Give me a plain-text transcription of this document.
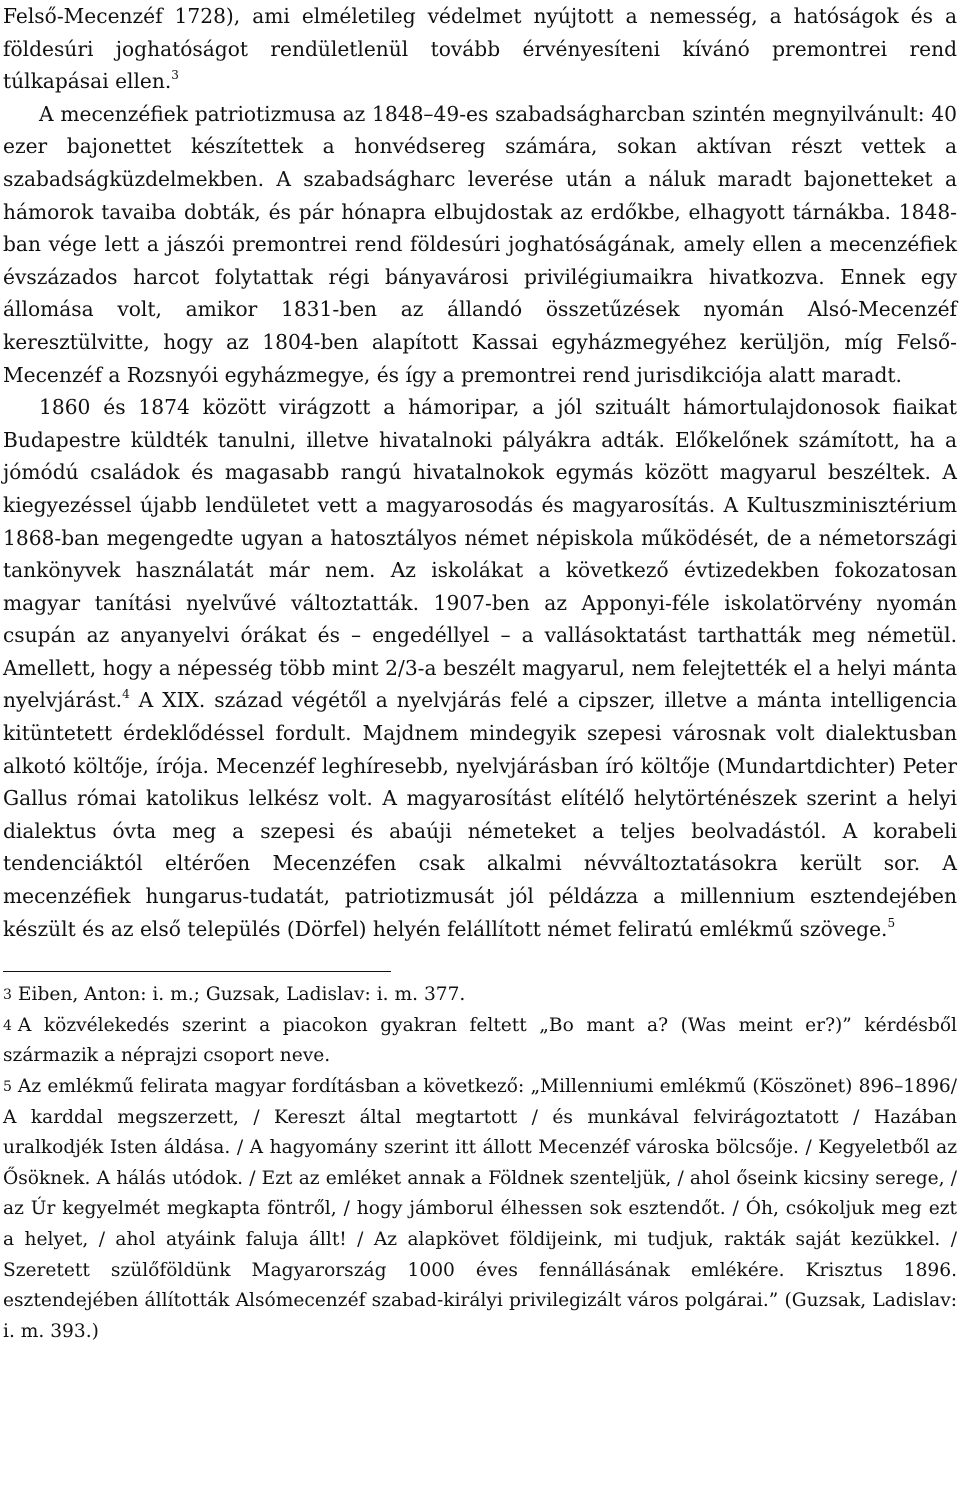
Felső-Mecenzéf 1728), ami elméletileg védelmet nyújtott a nemesség, a hatóságok és a földesúri joghatóságot rendületlenül tovább érvényesíteni kívánó premontrei rend túlkapásai ellen.$^3$

A mecenzéfiek patriotizmusa az 1848–49-es szabadságharcban szintén megnyilvánult: 40 ezer bajonettet készítettek a honvédsereg számára, sokan aktívan részt vettek a szabadságküzdelmekben. A szabadságharc leverése után a náluk maradt bajonetteket a hámorok tavaiba dobták, és pár hónapra elbujdostak az erdőkbe, elhagyott tárnákba. 1848-ban vége lett a jászói premontrei rend földesúri joghatóságának, amely ellen a mecenzéfiek évszázados harcot folytattak régi bányavárosi privilégiumaikra hivatkozva. Ennek egy állomása volt, amikor 1831-ben az állandó összetűzések nyomán Alsó-Mecenzéf keresztülvitte, hogy az 1804-ben alapított Kassai egyházmegyéhez kerüljön, míg Felső-Mecenzéf a Rozsnyói egyházmegye, és így a premontrei rend jurisdikciója alatt maradt.

1860 és 1874 között virágzott a hámoripar, a jól szituált hámortulajdonosok fiaikat Budapestre küldték tanulni, illetve hivatalnoki pályákra adták. Előkelőnek számított, ha a jómódú családok és magasabb rangú hivatalnokok egymás között magyarul beszéltek. A kiegyezéssel újabb lendületet vett a magyarosodás és magyarosítás. A Kultuszminisztérium 1868-ban megengedte ugyan a hatosztályos német népiskola működését, de a németországi tankönyvek használatát már nem. Az iskolákat a következő évtizedekben fokozatosan magyar tanítási nyelvűvé változtatták. 1907-ben az Apponyi-féle iskolatörvény nyomán csupán az anyanyelvi órákat és – engedéllyel – a vallásoktatást tarthatták meg németül. Amellett, hogy a népesség több mint 2/3-a beszélt magyarul, nem felejtették el a helyi mánta nyelvjárást.$^4$ A XIX. század végétől a nyelvjárás felé a cipszer, illetve a mánta intelligencia kitüntetett érdeklődéssel fordult. Majdnem mindegyik szepesi városnak volt dialektusban alkotó költője, írója. Mecenzéf leghíresebb, nyelvjárásban író költője (Mundartdichter) Peter Gallus római katolikus lelkész volt. A magyarosítást elítélő helytörténészek szerint a helyi dialektus óvta meg a szepesi és abaúji németeket a teljes beolvadástól. A korabeli tendenciáktól eltérően Mecenzéfen csak alkalmi névváltoztatásokra került sor. A mecenzéfiek hungarus-tudatát, patriotizmusát jól példázza a millennium esztendejében készült és az első település (Dörfel) helyén felállított német feliratú emlékmű szövege.$^5$

3 Eiben, Anton: i. m.; Guzsak, Ladislav: i. m. 377.

4 A közvélekedés szerint a piacokon gyakran feltett „Bo mant a? (Was meint er?)” kérdésből származik a néprajzi csoport neve.

5 Az emlékmű felirata magyar fordításban a következő: „Millenniumi emlékmű (Köszönet) 896–1896/ A karddal megszerzett, / Kereszt által megtartott / és munkával felvirágoztatott / Hazában uralkodjék Isten áldása. / A hagyomány szerint itt állott Mecenzéf városka bölcsője. / Kegyeletből az Ősöknek. A hálás utódok. / Ezt az emléket annak a Földnek szenteljük, / ahol őseink kicsiny serege, / az Úr kegyelmét megkapta föntről, / hogy jámborul élhessen sok esztendőt. / Óh, csókoljuk meg ezt a helyet, / ahol atyáink faluja állt! / Az alapkövet földijeink, mi tudjuk, rakták saját kezükkel. / Szeretett szülőföldünk Magyarország 1000 éves fennállásának emlékére. Krisztus 1896. esztendejében állították Alsómecenzéf szabad-királyi privilegizált város polgárai.” (Guzsak, Ladislav: i. m. 393.)
